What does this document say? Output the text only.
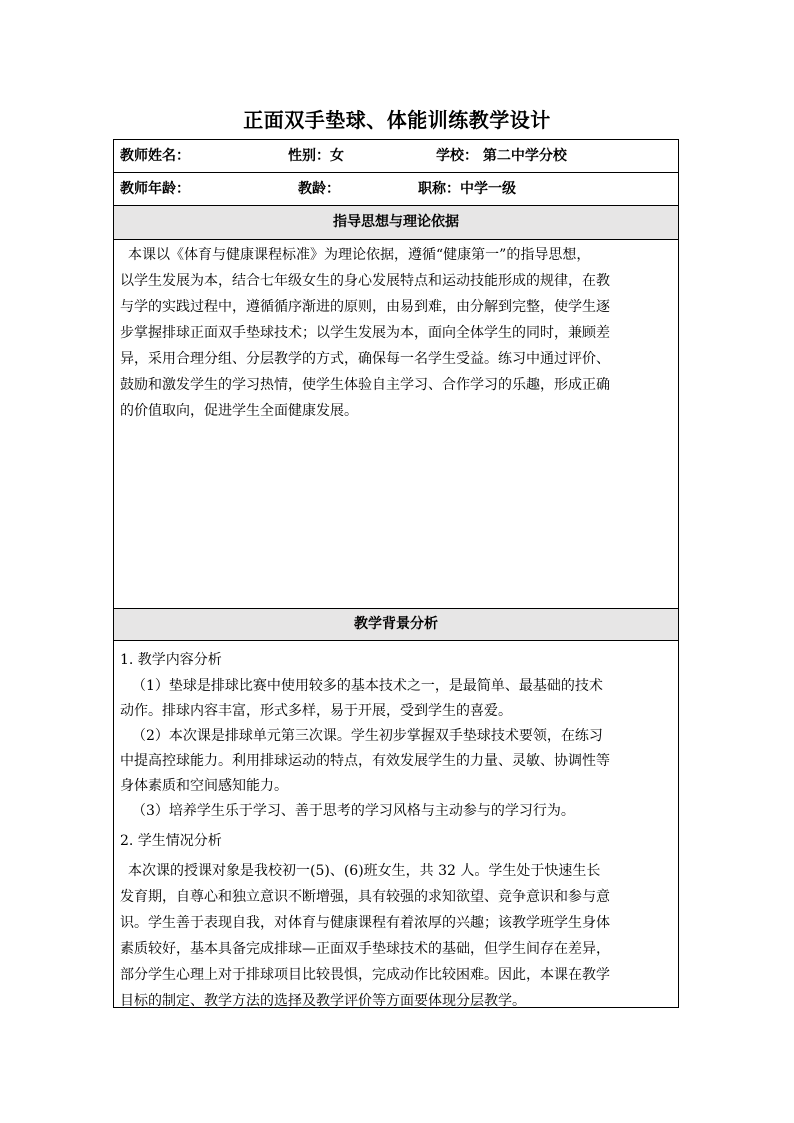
正面双手垫球、体能训练教学设计
教师姓名：	性别：女	学校： 第二中学分校
教师年龄：	教龄：	职称：中学一级
指导思想与理论依据
本课以《体育与健康课程标准》为理论依据，遵循“健康第一”的指导思想，
以学生发展为本，结合七年级女生的身心发展特点和运动技能形成的规律，在教
与学的实践过程中，遵循循序渐进的原则，由易到难，由分解到完整，使学生逐
步掌握排球正面双手垫球技术；以学生发展为本，面向全体学生的同时，兼顾差
异，采用合理分组、分层教学的方式，确保每一名学生受益。练习中通过评价、
鼓励和激发学生的学习热情，使学生体验自主学习、合作学习的乐趣，形成正确
的价值取向，促进学生全面健康发展。
教学背景分析
1. 教学内容分析
（1）垫球是排球比赛中使用较多的基本技术之一，是最简单、最基础的技术
动作。排球内容丰富，形式多样，易于开展，受到学生的喜爱。
（2）本次课是排球单元第三次课。学生初步掌握双手垫球技术要领，在练习
中提高控球能力。利用排球运动的特点，有效发展学生的力量、灵敏、协调性等
身体素质和空间感知能力。
（3）培养学生乐于学习、善于思考的学习风格与主动参与的学习行为。
2. 学生情况分析
本次课的授课对象是我校初一(5)、(6)班女生，共 32 人。学生处于快速生长
发育期，自尊心和独立意识不断增强，具有较强的求知欲望、竞争意识和参与意
识。学生善于表现自我，对体育与健康课程有着浓厚的兴趣；该教学班学生身体
素质较好，基本具备完成排球—正面双手垫球技术的基础，但学生间存在差异，
部分学生心理上对于排球项目比较畏惧，完成动作比较困难。因此，本课在教学
目标的制定、教学方法的选择及教学评价等方面要体现分层教学。
